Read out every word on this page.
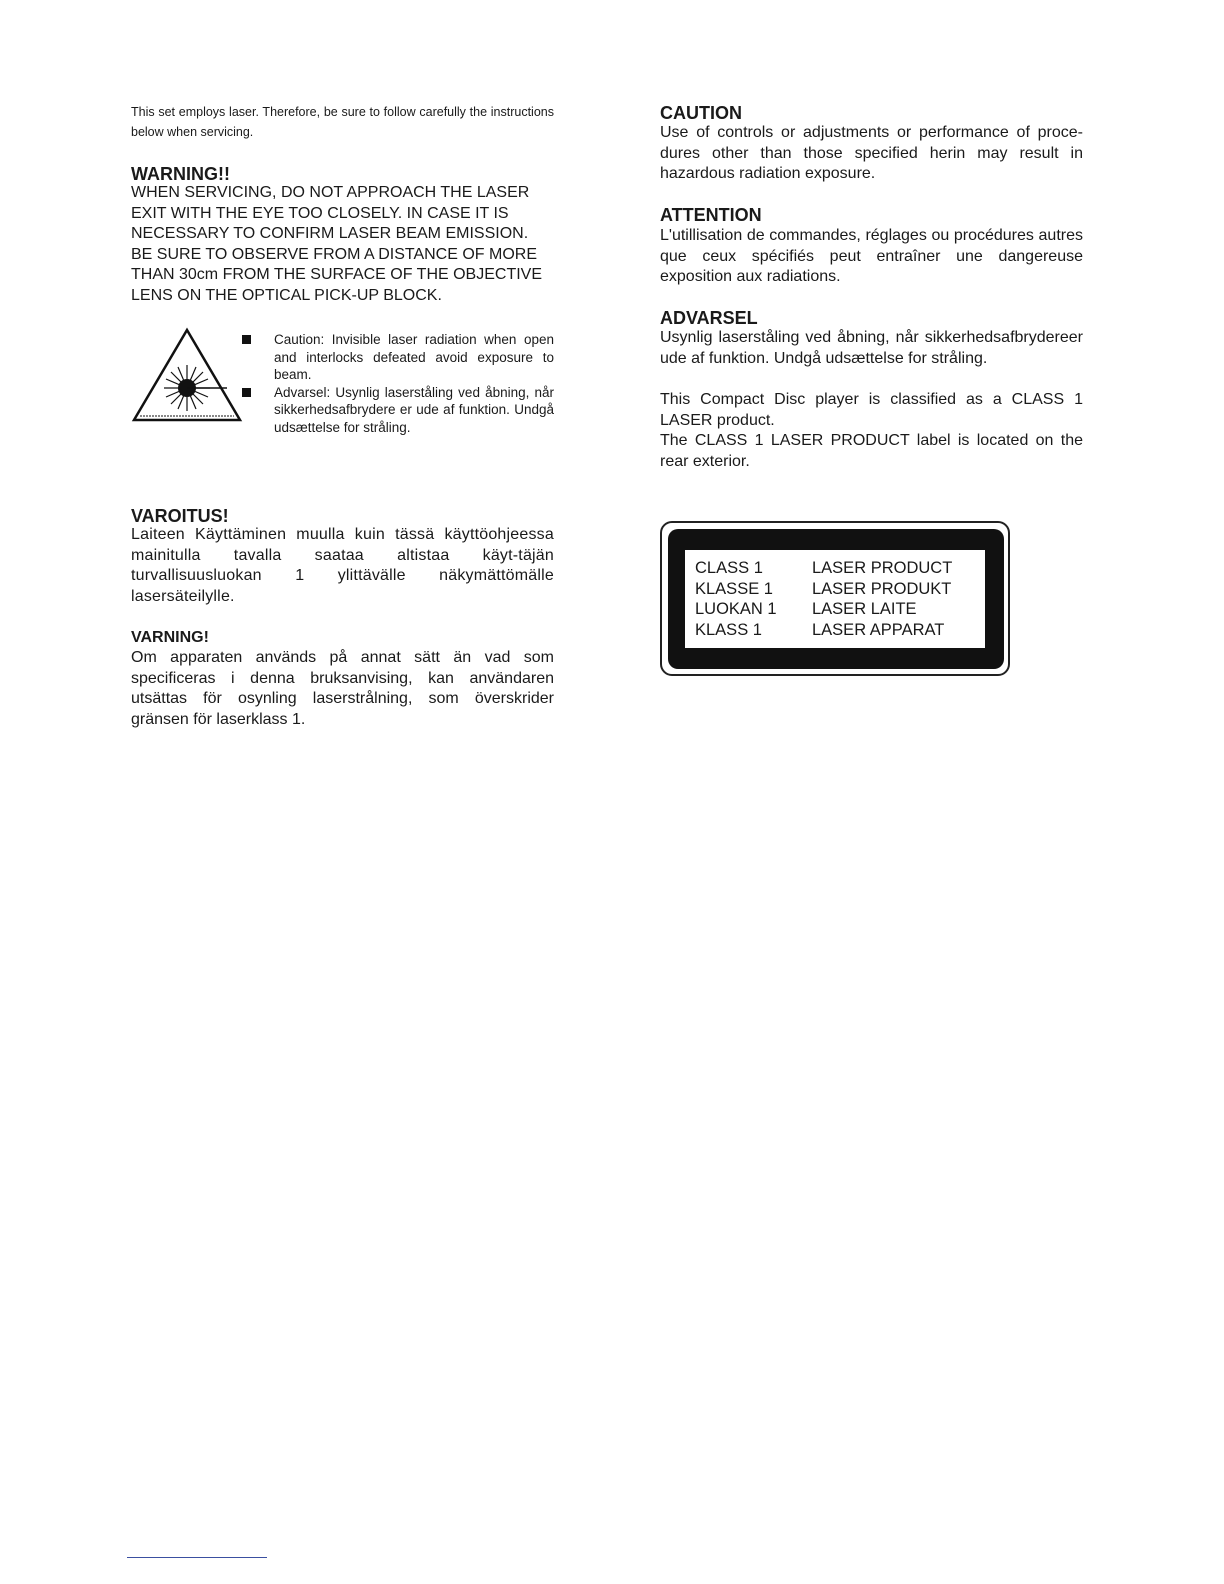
This set employs laser. Therefore, be sure to follow carefully the instructions below when servicing.
WARNING!!
WHEN SERVICING, DO NOT APPROACH THE LASER
EXIT WITH THE EYE TOO CLOSELY. IN CASE IT IS
NECESSARY TO CONFIRM LASER BEAM EMISSION.
BE SURE TO OBSERVE FROM A DISTANCE OF MORE
THAN 30cm FROM THE SURFACE OF THE OBJECTIVE
LENS ON THE OPTICAL PICK-UP BLOCK.
Caution: Invisible laser radiation when open and interlocks defeated avoid exposure to beam.
Advarsel: Usynlig laserståling ved åbning, når sikkerhedsafbrydere er ude af funktion. Undgå udsættelse for stråling.
VAROITUS!
Laiteen Käyttäminen muulla kuin tässä käyttöohjeessa mainitulla tavalla saataa altistaa käyt-täjän turvallisuusluokan 1 ylittävälle näkymättömälle lasersäteilylle.
VARNING!
Om apparaten används på annat sätt än vad som specificeras i denna bruksanvising, kan användaren utsättas för osynling laserstrålning, som överskrider gränsen för laserklass 1.
CAUTION
Use of controls or adjustments or performance of proce-dures other than those specified herin may result in hazardous radiation exposure.
ATTENTION
L'utillisation de commandes, réglages ou procédures autres que ceux spécifiés peut entraîner une dangereuse exposition aux radiations.
ADVARSEL
Usynlig laserståling ved åbning, når sikkerhedsafbrydereer ude af funktion. Undgå udsættelse for stråling.
This Compact Disc player is classified as a CLASS 1 LASER product.
The CLASS 1 LASER PRODUCT label is located on the rear exterior.
CLASS 1	LASER PRODUCT
KLASSE 1	LASER PRODUKT
LUOKAN 1	LASER LAITE
KLASS 1	LASER APPARAT
